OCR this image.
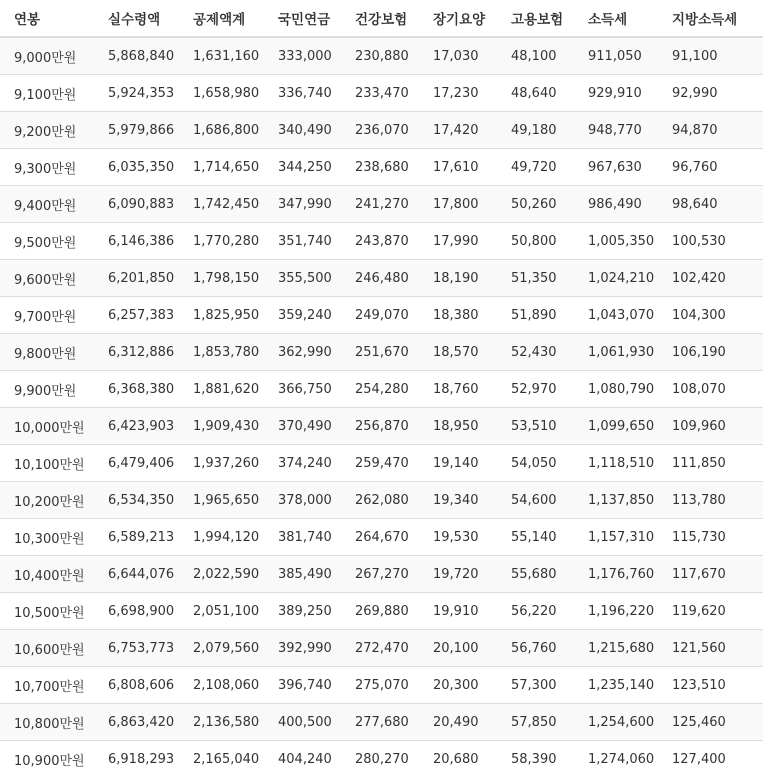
연봉	실수령액	공제액계	국민연금	건강보험	장기요양	고용보험	소득세	지방소득세
9,000만원	5,868,840	1,631,160	333,000	230,880	17,030	48,100	911,050	91,100
9,100만원	5,924,353	1,658,980	336,740	233,470	17,230	48,640	929,910	92,990
9,200만원	5,979,866	1,686,800	340,490	236,070	17,420	49,180	948,770	94,870
9,300만원	6,035,350	1,714,650	344,250	238,680	17,610	49,720	967,630	96,760
9,400만원	6,090,883	1,742,450	347,990	241,270	17,800	50,260	986,490	98,640
9,500만원	6,146,386	1,770,280	351,740	243,870	17,990	50,800	1,005,350	100,530
9,600만원	6,201,850	1,798,150	355,500	246,480	18,190	51,350	1,024,210	102,420
9,700만원	6,257,383	1,825,950	359,240	249,070	18,380	51,890	1,043,070	104,300
9,800만원	6,312,886	1,853,780	362,990	251,670	18,570	52,430	1,061,930	106,190
9,900만원	6,368,380	1,881,620	366,750	254,280	18,760	52,970	1,080,790	108,070
10,000만원	6,423,903	1,909,430	370,490	256,870	18,950	53,510	1,099,650	109,960
10,100만원	6,479,406	1,937,260	374,240	259,470	19,140	54,050	1,118,510	111,850
10,200만원	6,534,350	1,965,650	378,000	262,080	19,340	54,600	1,137,850	113,780
10,300만원	6,589,213	1,994,120	381,740	264,670	19,530	55,140	1,157,310	115,730
10,400만원	6,644,076	2,022,590	385,490	267,270	19,720	55,680	1,176,760	117,670
10,500만원	6,698,900	2,051,100	389,250	269,880	19,910	56,220	1,196,220	119,620
10,600만원	6,753,773	2,079,560	392,990	272,470	20,100	56,760	1,215,680	121,560
10,700만원	6,808,606	2,108,060	396,740	275,070	20,300	57,300	1,235,140	123,510
10,800만원	6,863,420	2,136,580	400,500	277,680	20,490	57,850	1,254,600	125,460
10,900만원	6,918,293	2,165,040	404,240	280,270	20,680	58,390	1,274,060	127,400
